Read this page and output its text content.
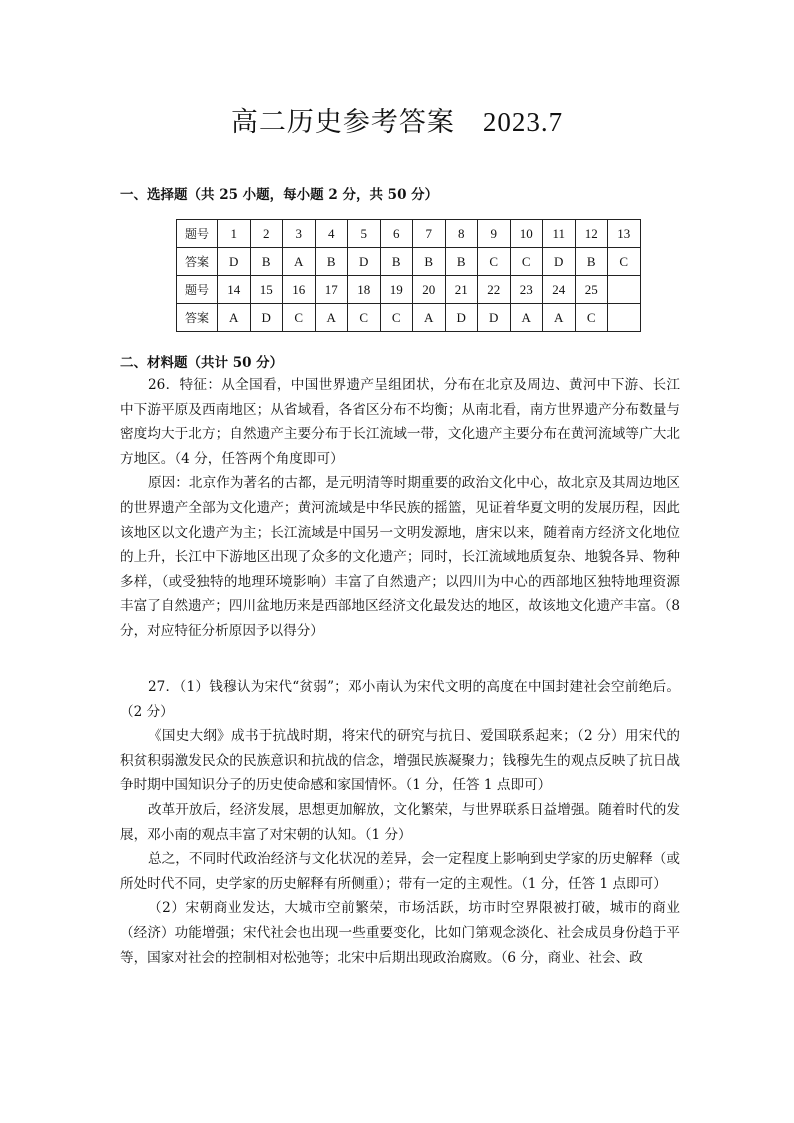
高二历史参考答案 2023.7
一、选择题（共 25 小题，每小题 2 分，共 50 分）
题号	1	2	3	4	5	6	7	8	9	10	11	12	13
答案	D	B	A	B	D	B	B	B	C	C	D	B	C
题号	14	15	16	17	18	19	20	21	22	23	24	25	
答案	A	D	C	A	C	C	A	D	D	A	A	C	
二、材料题（共计 50 分）

26．特征：从全国看，中国世界遗产呈组团状，分布在北京及周边、黄河中下游、长江中下游平原及西南地区；从省域看，各省区分布不均衡；从南北看，南方世界遗产分布数量与密度均大于北方；自然遗产主要分布于长江流域一带，文化遗产主要分布在黄河流域等广大北方地区。（4 分，任答两个角度即可）

原因：北京作为著名的古都，是元明清等时期重要的政治文化中心，故北京及其周边地区的世界遗产全部为文化遗产；黄河流域是中华民族的摇篮，见证着华夏文明的发展历程，因此该地区以文化遗产为主；长江流域是中国另一文明发源地，唐宋以来，随着南方经济文化地位的上升，长江中下游地区出现了众多的文化遗产；同时，长江流域地质复杂、地貌各异、物种多样，（或受独特的地理环境影响）丰富了自然遗产；以四川为中心的西部地区独特地理资源丰富了自然遗产；四川盆地历来是西部地区经济文化最发达的地区，故该地文化遗产丰富。（8 分，对应特征分析原因予以得分）

27．（1）钱穆认为宋代“贫弱”；邓小南认为宋代文明的高度在中国封建社会空前绝后。（2 分）

《国史大纲》成书于抗战时期，将宋代的研究与抗日、爱国联系起来；（2 分）用宋代的积贫积弱激发民众的民族意识和抗战的信念，增强民族凝聚力；钱穆先生的观点反映了抗日战争时期中国知识分子的历史使命感和家国情怀。（1 分，任答 1 点即可）

改革开放后，经济发展，思想更加解放，文化繁荣，与世界联系日益增强。随着时代的发展，邓小南的观点丰富了对宋朝的认知。（1 分）

总之，不同时代政治经济与文化状况的差异，会一定程度上影响到史学家的历史解释（或所处时代不同，史学家的历史解释有所侧重）；带有一定的主观性。（1 分，任答 1 点即可）

（2）宋朝商业发达，大城市空前繁荣，市场活跃，坊市时空界限被打破，城市的商业（经济）功能增强；宋代社会也出现一些重要变化，比如门第观念淡化、社会成员身份趋于平等，国家对社会的控制相对松弛等；北宋中后期出现政治腐败。（6 分，商业、社会、政
